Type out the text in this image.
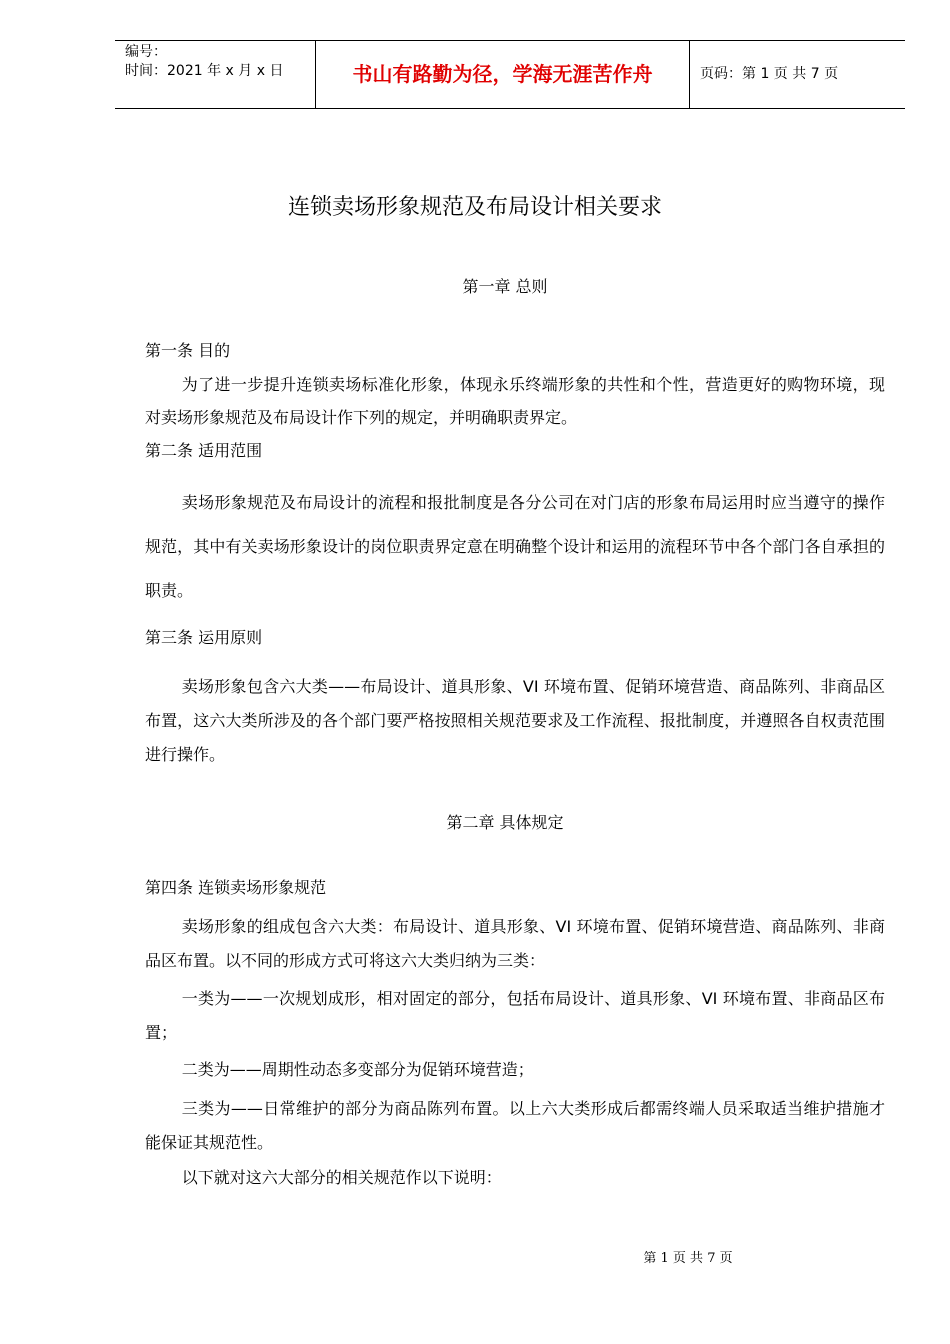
编号：
时间：2021 年 x 月 x 日	书山有路勤为径，学海无涯苦作舟	页码：第 1 页 共 7 页
连锁卖场形象规范及布局设计相关要求
第一章 总则
第一条 目的
为了进一步提升连锁卖场标准化形象，体现永乐终端形象的共性和个性，营造更好的购物环境，现对卖场形象规范及布局设计作下列的规定，并明确职责界定。
第二条 适用范围
卖场形象规范及布局设计的流程和报批制度是各分公司在对门店的形象布局运用时应当遵守的操作规范，其中有关卖场形象设计的岗位职责界定意在明确整个设计和运用的流程环节中各个部门各自承担的职责。
第三条 运用原则
卖场形象包含六大类——布局设计、道具形象、VI 环境布置、促销环境营造、商品陈列、非商品区布置，这六大类所涉及的各个部门要严格按照相关规范要求及工作流程、报批制度，并遵照各自权责范围进行操作。
第二章 具体规定
第四条 连锁卖场形象规范
卖场形象的组成包含六大类：布局设计、道具形象、VI 环境布置、促销环境营造、商品陈列、非商品区布置。以不同的形成方式可将这六大类归纳为三类：
一类为——一次规划成形，相对固定的部分，包括布局设计、道具形象、VI 环境布置、非商品区布置；
二类为——周期性动态多变部分为促销环境营造；
三类为——日常维护的部分为商品陈列布置。以上六大类形成后都需终端人员采取适当维护措施才能保证其规范性。
以下就对这六大部分的相关规范作以下说明：
第 1 页 共 7 页
